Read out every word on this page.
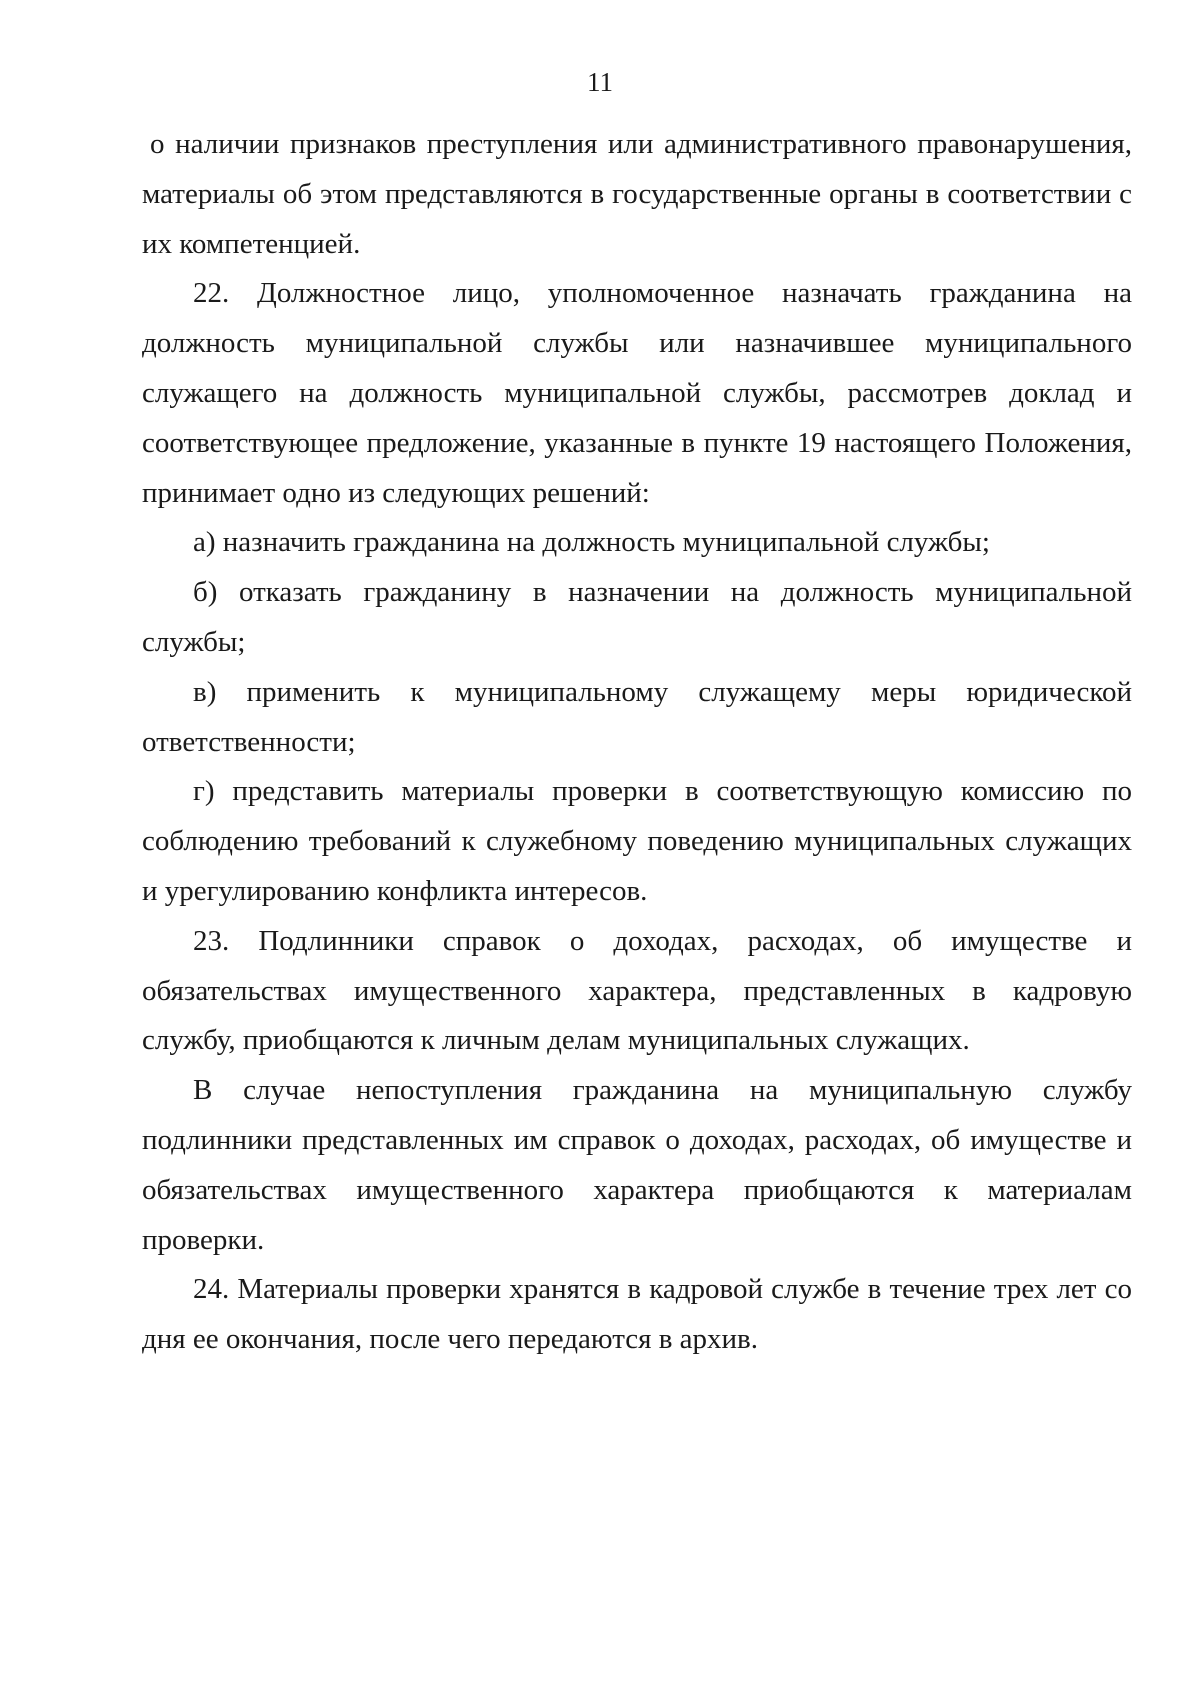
11

о наличии признаков преступления или административного правонарушения, материалы об этом представляются в государственные органы в соответствии с их компетенцией.

22. Должностное лицо, уполномоченное назначать гражданина на должность муниципальной службы или назначившее муниципального служащего на должность муниципальной службы, рассмотрев доклад и соответствующее предложение, указанные в пункте 19 настоящего Положения, принимает одно из следующих решений:

а) назначить гражданина на должность муниципальной службы;

б) отказать гражданину в назначении на должность муниципальной службы;

в) применить к муниципальному служащему меры юридической ответственности;

г) представить материалы проверки в соответствующую комиссию по соблюдению требований к служебному поведению муниципальных служащих и урегулированию конфликта интересов.

23. Подлинники справок о доходах, расходах, об имуществе и обязательствах имущественного характера, представленных в кадровую службу, приобщаются к личным делам муниципальных служащих.

В случае непоступления гражданина на муниципальную службу подлинники представленных им справок о доходах, расходах, об имуществе и обязательствах имущественного характера приобщаются к материалам проверки.

24. Материалы проверки хранятся в кадровой службе в течение трех лет со дня ее окончания, после чего передаются в архив.
